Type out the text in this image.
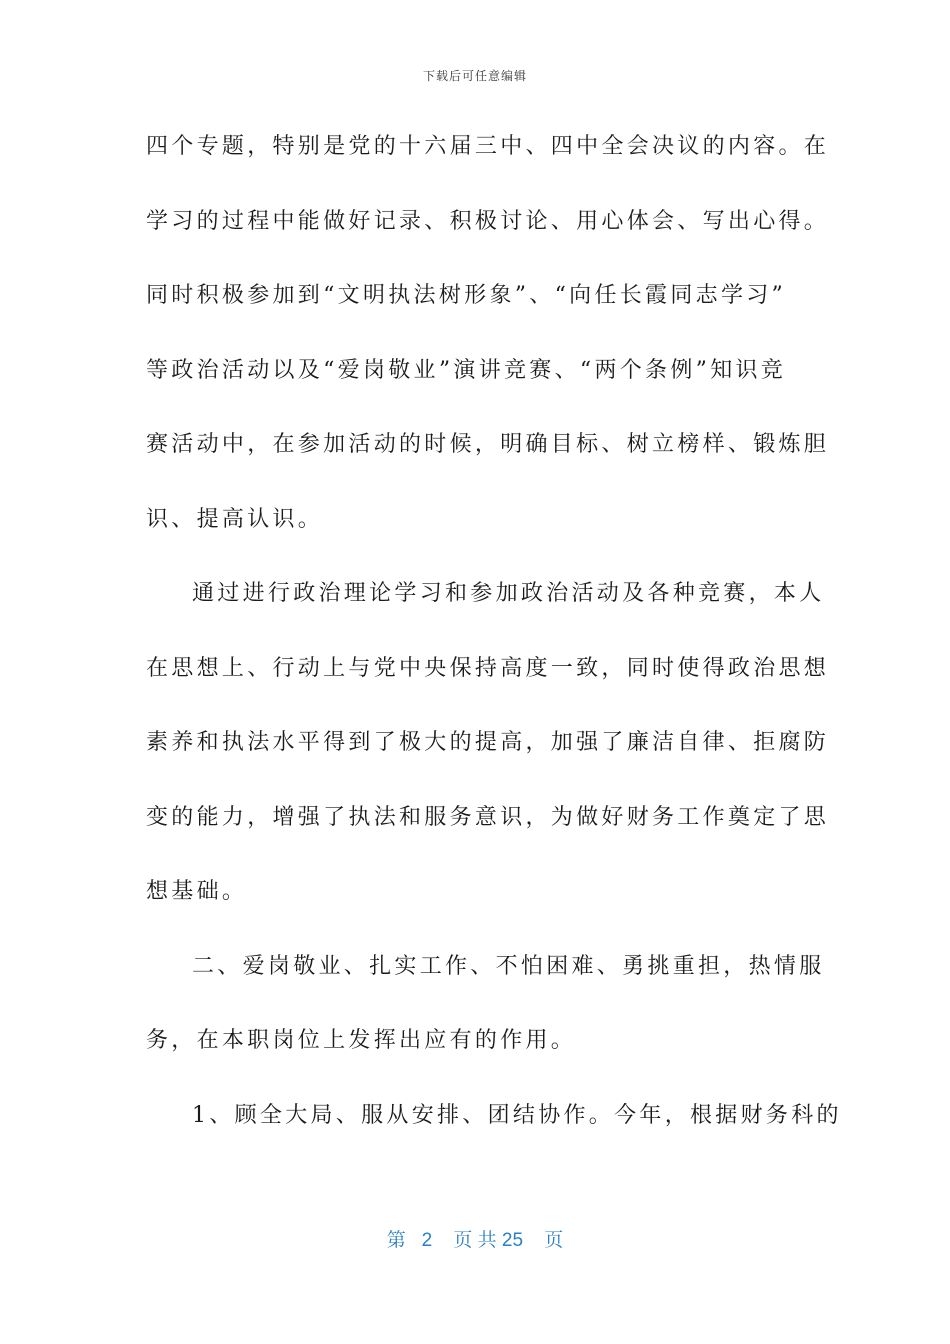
下载后可任意编辑
四个专题，特别是党的十六届三中、四中全会决议的内容。在
学习的过程中能做好记录、积极讨论、用心体会、写出心得。
同时积极参加到“文明执法树形象”、“向任长霞同志学习”
等政治活动以及“爱岗敬业”演讲竞赛、“两个条例”知识竞
赛活动中，在参加活动的时候，明确目标、树立榜样、锻炼胆
识、提高认识。
通过进行政治理论学习和参加政治活动及各种竞赛，本人
在思想上、行动上与党中央保持高度一致，同时使得政治思想
素养和执法水平得到了极大的提高，加强了廉洁自律、拒腐防
变的能力，增强了执法和服务意识，为做好财务工作奠定了思
想基础。
二、爱岗敬业、扎实工作、不怕困难、勇挑重担，热情服
务，在本职岗位上发挥出应有的作用。
1、顾全大局、服从安排、团结协作。今年，根据财务科的
第 2 页 共 25 页
